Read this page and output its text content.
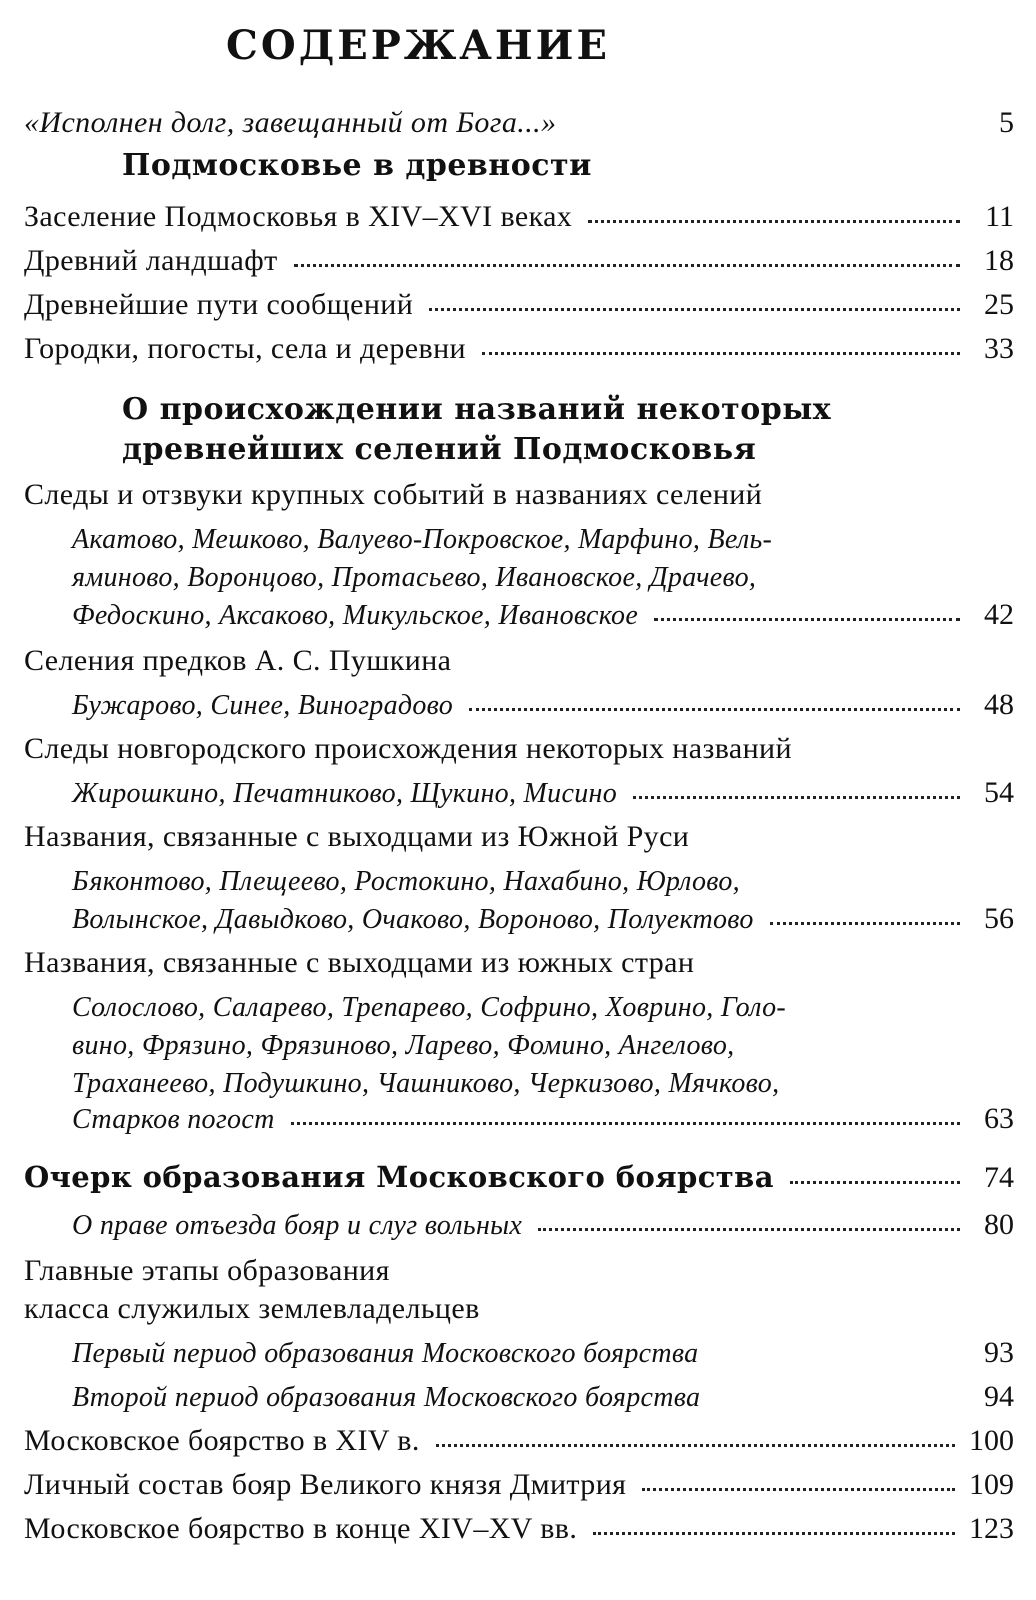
СОДЕРЖАНИЕ
«Исполнен долг, завещанный от Бога...»	5
Подмосковье в древности
Заселение Подмосковья в XIV–XVI веках	11
Древний ландшафт	18
Древнейшие пути сообщений	25
Городки, погосты, села и деревни	33
О происхождении названий некоторых
древнейших селений Подмосковья
Следы и отзвуки крупных событий в названиях селений
Акатово, Мешково, Валуево-Покровское, Марфино, Вель-
яминово, Воронцово, Протасьево, Ивановское, Драчево,
Федоскино, Аксаково, Микульское, Ивановское	42
Селения предков А. С. Пушкина
Бужарово, Синее, Виноградово	48
Следы новгородского происхождения некоторых названий
Жирошкино, Печатниково, Щукино, Мисино	54
Названия, связанные с выходцами из Южной Руси
Бяконтово, Плещеево, Ростокино, Нахабино, Юрлово,
Волынское, Давыдково, Очаково, Вороново, Полуектово	56
Названия, связанные с выходцами из южных стран
Солослово, Саларево, Трепарево, Софрино, Ховрино, Голо-
вино, Фрязино, Фрязиново, Ларево, Фомино, Ангелово,
Траханеево, Подушкино, Чашниково, Черкизово, Мячково,
Старков погост	63
Очерк образования Московского боярства	74
О праве отъезда бояр и слуг вольных	80
Главные этапы образования
класса служилых землевладельцев
Первый период образования Московского боярства	93
Второй период образования Московского боярства	94
Московское боярство в XIV в.	100
Личный состав бояр Великого князя Дмитрия	109
Московское боярство в конце XIV–XV вв.	123
